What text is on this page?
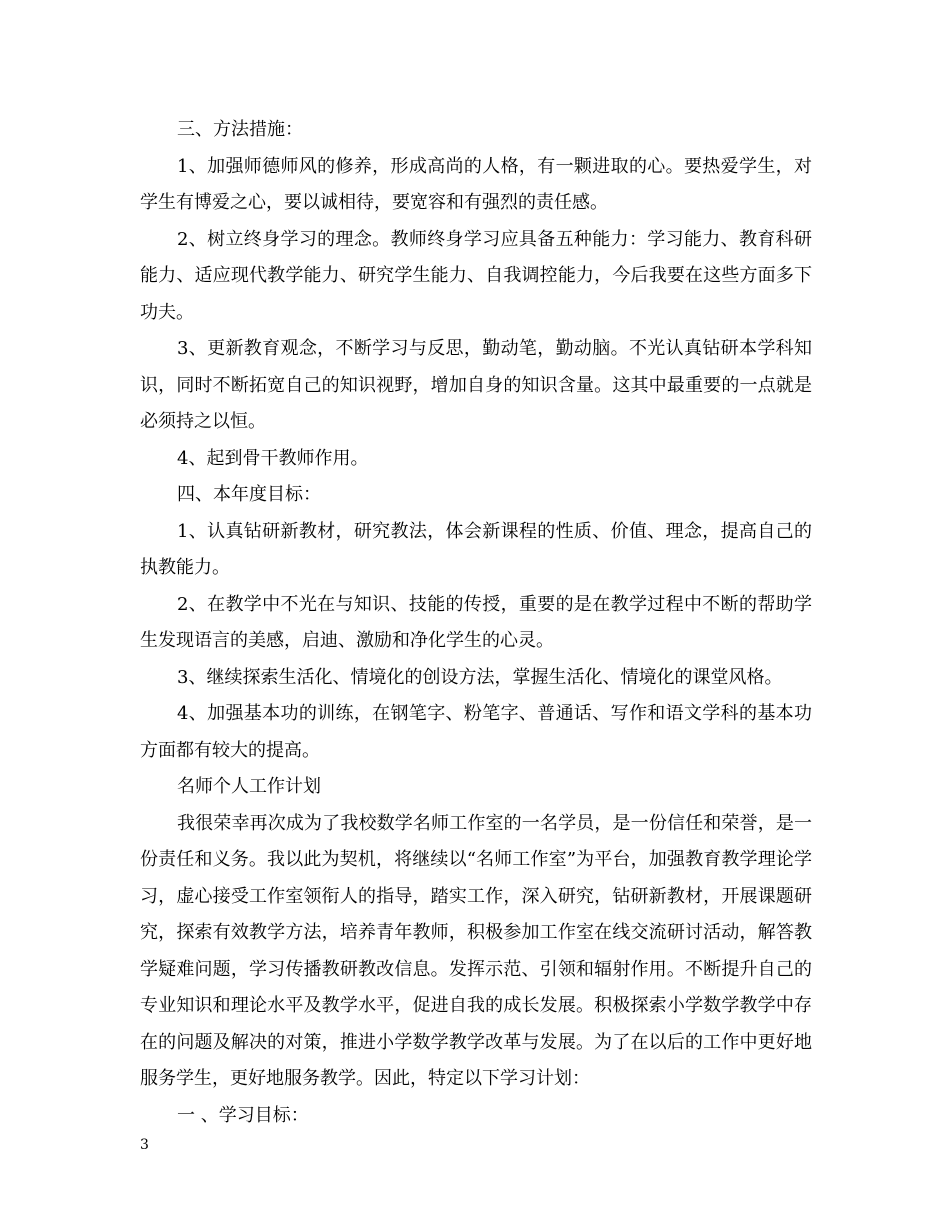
三、方法措施：

1、加强师德师风的修养，形成高尚的人格，有一颗进取的心。要热爱学生，对学生有博爱之心，要以诚相待，要宽容和有强烈的责任感。

2、树立终身学习的理念。教师终身学习应具备五种能力：学习能力、教育科研能力、适应现代教学能力、研究学生能力、自我调控能力，今后我要在这些方面多下功夫。

3、更新教育观念，不断学习与反思，勤动笔，勤动脑。不光认真钻研本学科知识，同时不断拓宽自己的知识视野，增加自身的知识含量。这其中最重要的一点就是必须持之以恒。

4、起到骨干教师作用。

四、本年度目标：

1、认真钻研新教材，研究教法，体会新课程的性质、价值、理念，提高自己的执教能力。

2、在教学中不光在与知识、技能的传授，重要的是在教学过程中不断的帮助学生发现语言的美感，启迪、激励和净化学生的心灵。

3、继续探索生活化、情境化的创设方法，掌握生活化、情境化的课堂风格。

4、加强基本功的训练，在钢笔字、粉笔字、普通话、写作和语文学科的基本功方面都有较大的提高。

名师个人工作计划

我很荣幸再次成为了我校数学名师工作室的一名学员，是一份信任和荣誉，是一份责任和义务。我以此为契机，将继续以“名师工作室”为平台，加强教育教学理论学习，虚心接受工作室领衔人的指导，踏实工作，深入研究，钻研新教材，开展课题研究，探索有效教学方法，培养青年教师，积极参加工作室在线交流研讨活动，解答教学疑难问题，学习传播教研教改信息。发挥示范、引领和辐射作用。不断提升自己的专业知识和理论水平及教学水平，促进自我的成长发展。积极探索小学数学教学中存在的问题及解决的对策，推进小学数学教学改革与发展。为了在以后的工作中更好地服务学生，更好地服务教学。因此，特定以下学习计划：

一 、学习目标：

3
